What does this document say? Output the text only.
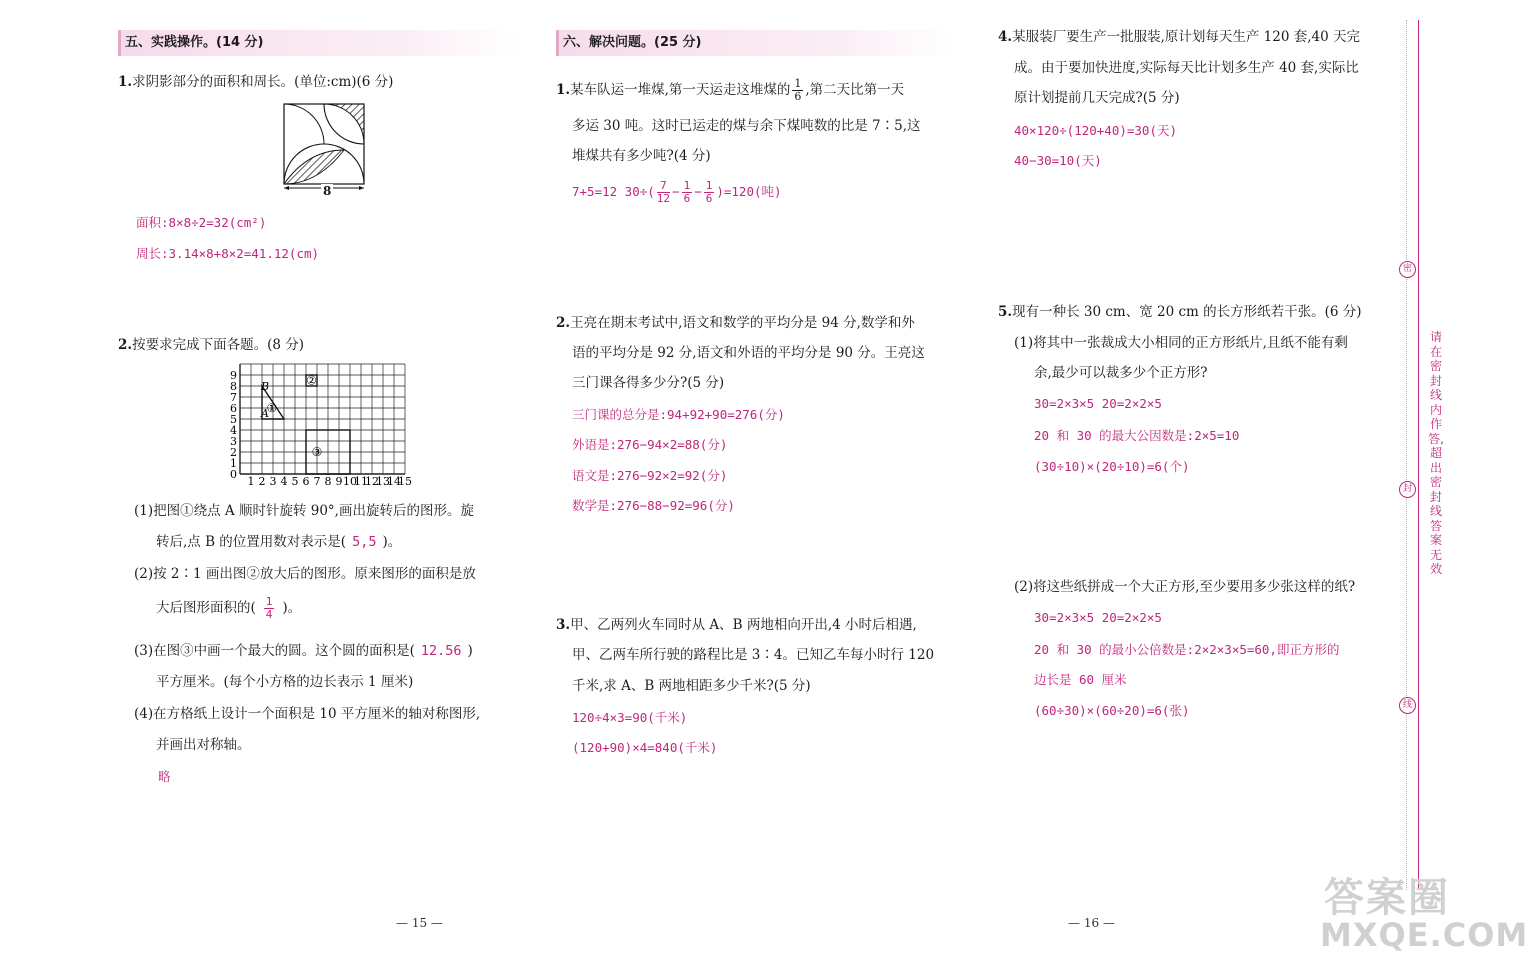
五、实践操作。(14 分)
1.求阴影部分的面积和周长。(单位:cm)(6 分)
8
面积:8×8÷2=32(cm²)
周长:3.14×8+8×2=41.12(cm)
2.按要求完成下面各题。(8 分)
9
8
7
6
5
4
3
2
1
0
1 2 3 4 5 6 7 8 9 10
11
12
13
14
15
B
A
①
②
③
(1)把图①绕点 A 顺时针旋转 90°,画出旋转后的图形。旋
转后,点 B 的位置用数对表示是( 5,5 )。
(2)按 2∶1 画出图②放大后的图形。原来图形的面积是放
大后图形面积的( $\frac{1}{4}$ )。
(3)在图③中画一个最大的圆。这个圆的面积是( 12.56 )
平方厘米。(每个小方格的边长表示 1 厘米)
(4)在方格纸上设计一个面积是 10 平方厘米的轴对称图形,
并画出对称轴。
略
— 15 —
六、解决问题。(25 分)
1.某车队运一堆煤,第一天运走这堆煤的 $\frac{1}{6}$ ,第二天比第一天
多运 30 吨。这时已运走的煤与余下煤吨数的比是 7∶5,这
堆煤共有多少吨?(4 分)
7+5=12 $30\div( \frac{7}{12} - \frac{1}{6} - \frac{1}{6} )=120$(吨)
2.王亮在期末考试中,语文和数学的平均分是 94 分,数学和外
语的平均分是 92 分,语文和外语的平均分是 90 分。王亮这
三门课各得多少分?(5 分)
三门课的总分是:94+92+90=276(分)
外语是:276−94×2=88(分)
语文是:276−92×2=92(分)
数学是:276−88−92=96(分)
3.甲、乙两列火车同时从 A、B 两地相向开出,4 小时后相遇,
甲、乙两车所行驶的路程比是 3∶4。已知乙车每小时行 120
千米,求 A、B 两地相距多少千米?(5 分)
120÷4×3=90(千米)
(120+90)×4=840(千米)
— 16 —
4.某服装厂要生产一批服装,原计划每天生产 120 套,40 天完
成。由于要加快进度,实际每天比计划多生产 40 套,实际比
原计划提前几天完成?(5 分)
40×120÷(120+40)=30(天)
40−30=10(天)
5.现有一种长 30 cm、宽 20 cm 的长方形纸若干张。(6 分)
(1)将其中一张裁成大小相同的正方形纸片,且纸不能有剩
余,最少可以裁多少个正方形?
30=2×3×5 20=2×2×5
20 和 30 的最大公因数是:2×5=10
(30÷10)×(20÷10)=6(个)
(2)将这些纸拼成一个大正方形,至少要用多少张这样的纸?
30=2×3×5 20=2×2×5
20 和 30 的最小公倍数是:2×2×3×5=60,即正方形的
边长是 60 厘米
(60÷30)×(60÷20)=6(张)
密
封
线
请在密封线内作答,超出密封线答案无效
答案圈
MXQE.COM
